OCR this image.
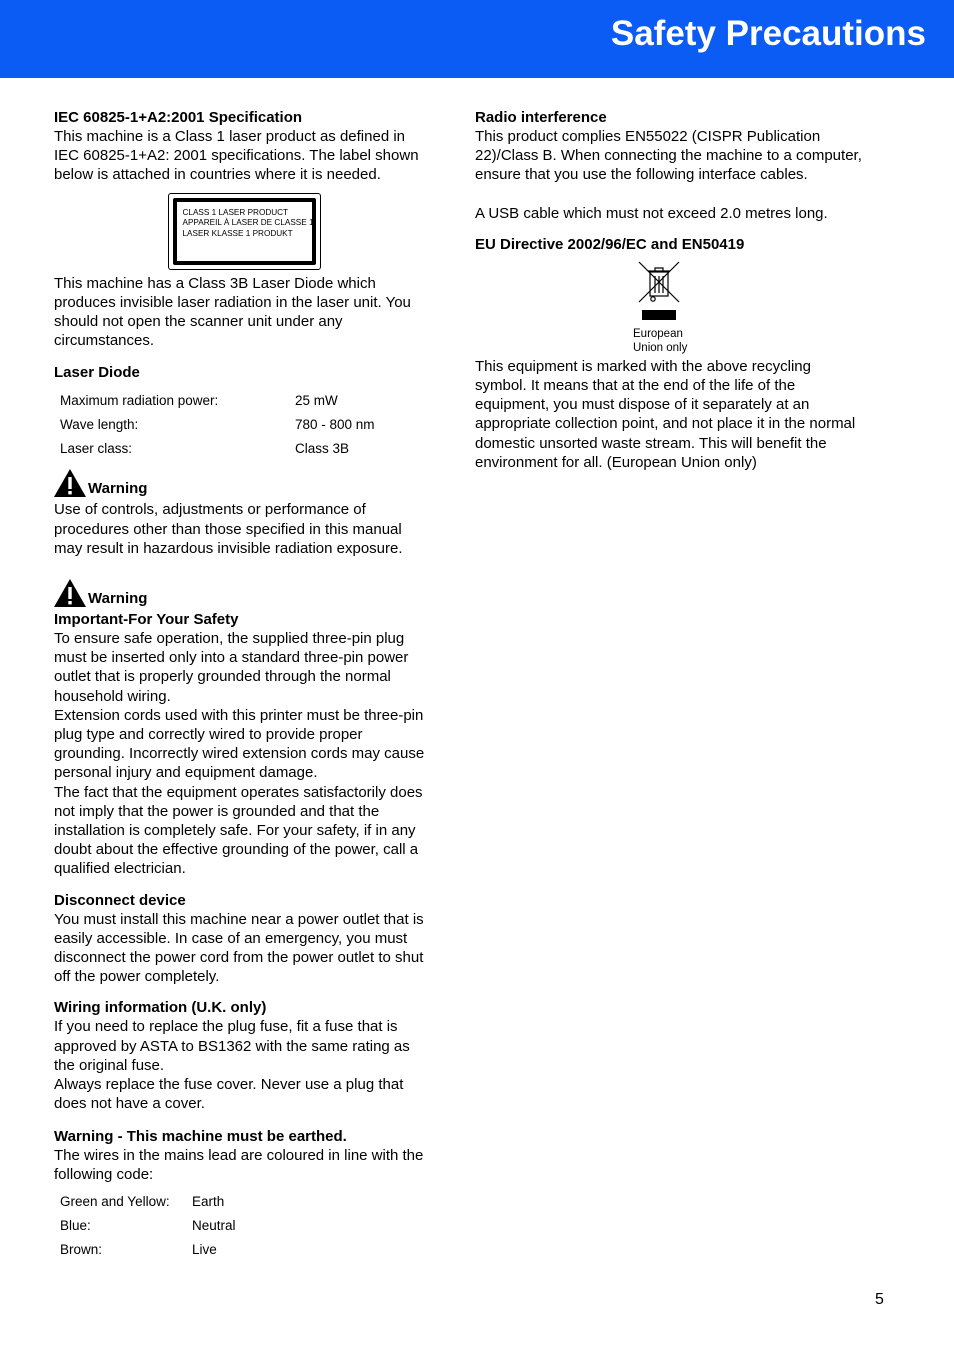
Safety Precautions
IEC 60825-1+A2:2001 Specification
This machine is a Class 1 laser product as defined in IEC 60825-1+A2: 2001 specifications. The label shown below is attached in countries where it is needed.
CLASS 1 LASER PRODUCT
APPAREIL À LASER DE CLASSE 1
LASER KLASSE 1 PRODUKT
This machine has a Class 3B Laser Diode which produces invisible laser radiation in the laser unit. You should not open the scanner unit under any circumstances.
Laser Diode
Maximum radiation power:	25 mW
Wave length:	780 - 800 nm
Laser class:	Class 3B
Warning
Use of controls, adjustments or performance of procedures other than those specified in this manual may result in hazardous invisible radiation exposure.
Warning
Important-For Your Safety
To ensure safe operation, the supplied three-pin plug must be inserted only into a standard three-pin power outlet that is properly grounded through the normal household wiring.
Extension cords used with this printer must be three-pin plug type and correctly wired to provide proper grounding. Incorrectly wired extension cords may cause personal injury and equipment damage.
The fact that the equipment operates satisfactorily does not imply that the power is grounded and that the installation is completely safe. For your safety, if in any doubt about the effective grounding of the power, call a qualified electrician.
Disconnect device
You must install this machine near a power outlet that is easily accessible. In case of an emergency, you must disconnect the power cord from the power outlet to shut off the power completely.
Wiring information (U.K. only)
If you need to replace the plug fuse, fit a fuse that is approved by ASTA to BS1362 with the same rating as the original fuse.
Always replace the fuse cover. Never use a plug that does not have a cover.
Warning - This machine must be earthed.
The wires in the mains lead are coloured in line with the following code:
Green and Yellow:	Earth
Blue:	Neutral
Brown:	Live
Radio interference
This product complies EN55022 (CISPR Publication 22)/Class B. When connecting the machine to a computer, ensure that you use the following interface cables.
A USB cable which must not exceed 2.0 metres long.
EU Directive 2002/96/EC and EN50419
European
Union only
This equipment is marked with the above recycling symbol. It means that at the end of the life of the equipment, you must dispose of it separately at an appropriate collection point, and not place it in the normal domestic unsorted waste stream. This will benefit the environment for all. (European Union only)
5
